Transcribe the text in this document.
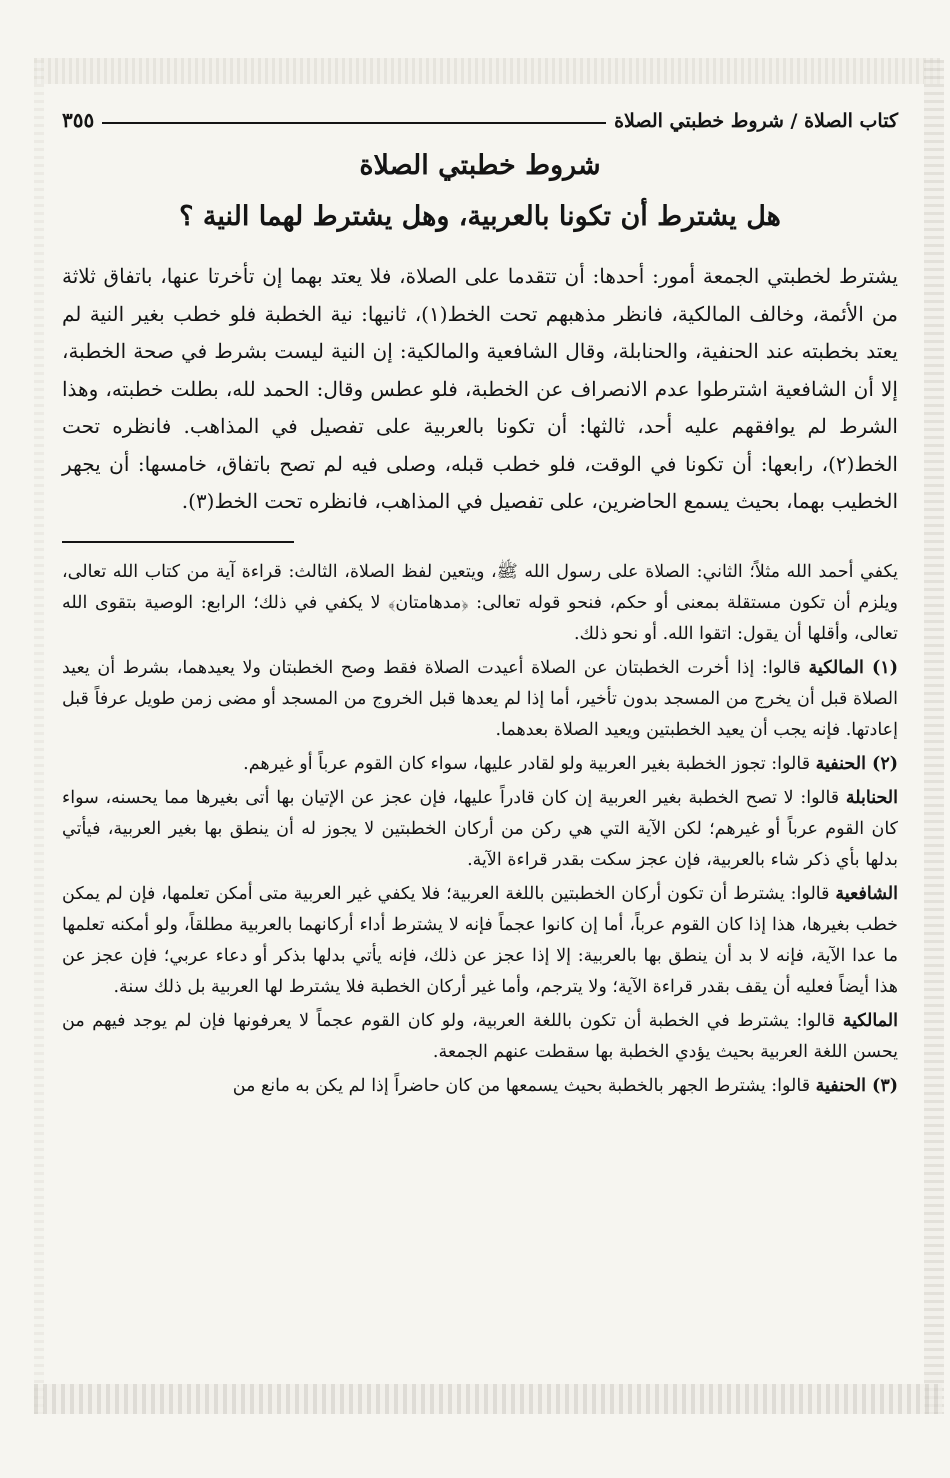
كتاب الصلاة / شروط خطبتي الصلاة
٣٥٥
شروط خطبتي الصلاة
هل يشترط أن تكونا بالعربية، وهل يشترط لهما النية ؟

يشترط لخطبتي الجمعة أمور: أحدها: أن تتقدما على الصلاة، فلا يعتد بهما إن تأخرتا عنها، باتفاق ثلاثة من الأئمة، وخالف المالكية، فانظر مذهبهم تحت الخط(١)، ثانيها: نية الخطبة فلو خطب بغير النية لم يعتد بخطبته عند الحنفية، والحنابلة، وقال الشافعية والمالكية: إن النية ليست بشرط في صحة الخطبة، إلا أن الشافعية اشترطوا عدم الانصراف عن الخطبة، فلو عطس وقال: الحمد لله، بطلت خطبته، وهذا الشرط لم يوافقهم عليه أحد، ثالثها: أن تكونا بالعربية على تفصيل في المذاهب. فانظره تحت الخط(٢)، رابعها: أن تكونا في الوقت، فلو خطب قبله، وصلى فيه لم تصح باتفاق، خامسها: أن يجهر الخطيب بهما، بحيث يسمع الحاضرين، على تفصيل في المذاهب، فانظره تحت الخط(٣).

يكفي أحمد الله مثلاً؛ الثاني: الصلاة على رسول الله ﷺ، ويتعين لفظ الصلاة، الثالث: قراءة آية من كتاب الله تعالى، ويلزم أن تكون مستقلة بمعنى أو حكم، فنحو قوله تعالى: ﴿مدهامتان﴾ لا يكفي في ذلك؛ الرابع: الوصية بتقوى الله تعالى، وأقلها أن يقول: اتقوا الله. أو نحو ذلك.

(١) المالكية قالوا: إذا أخرت الخطبتان عن الصلاة أعيدت الصلاة فقط وصح الخطبتان ولا يعيدهما، بشرط أن يعيد الصلاة قبل أن يخرج من المسجد بدون تأخير، أما إذا لم يعدها قبل الخروج من المسجد أو مضى زمن طويل عرفاً قبل إعادتها. فإنه يجب أن يعيد الخطبتين ويعيد الصلاة بعدهما.

(٢) الحنفية قالوا: تجوز الخطبة بغير العربية ولو لقادر عليها، سواء كان القوم عرباً أو غيرهم.

الحنابلة قالوا: لا تصح الخطبة بغير العربية إن كان قادراً عليها، فإن عجز عن الإتيان بها أتى بغيرها مما يحسنه، سواء كان القوم عرباً أو غيرهم؛ لكن الآية التي هي ركن من أركان الخطبتين لا يجوز له أن ينطق بها بغير العربية، فيأتي بدلها بأي ذكر شاء بالعربية، فإن عجز سكت بقدر قراءة الآية.

الشافعية قالوا: يشترط أن تكون أركان الخطبتين باللغة العربية؛ فلا يكفي غير العربية متى أمكن تعلمها، فإن لم يمكن خطب بغيرها، هذا إذا كان القوم عرباً، أما إن كانوا عجماً فإنه لا يشترط أداء أركانهما بالعربية مطلقاً، ولو أمكنه تعلمها ما عدا الآية، فإنه لا بد أن ينطق بها بالعربية: إلا إذا عجز عن ذلك، فإنه يأتي بدلها بذكر أو دعاء عربي؛ فإن عجز عن هذا أيضاً فعليه أن يقف بقدر قراءة الآية؛ ولا يترجم، وأما غير أركان الخطبة فلا يشترط لها العربية بل ذلك سنة.

المالكية قالوا: يشترط في الخطبة أن تكون باللغة العربية، ولو كان القوم عجماً لا يعرفونها فإن لم يوجد فيهم من يحسن اللغة العربية بحيث يؤدي الخطبة بها سقطت عنهم الجمعة.

(٣) الحنفية قالوا: يشترط الجهر بالخطبة بحيث يسمعها من كان حاضراً إذا لم يكن به مانع من
